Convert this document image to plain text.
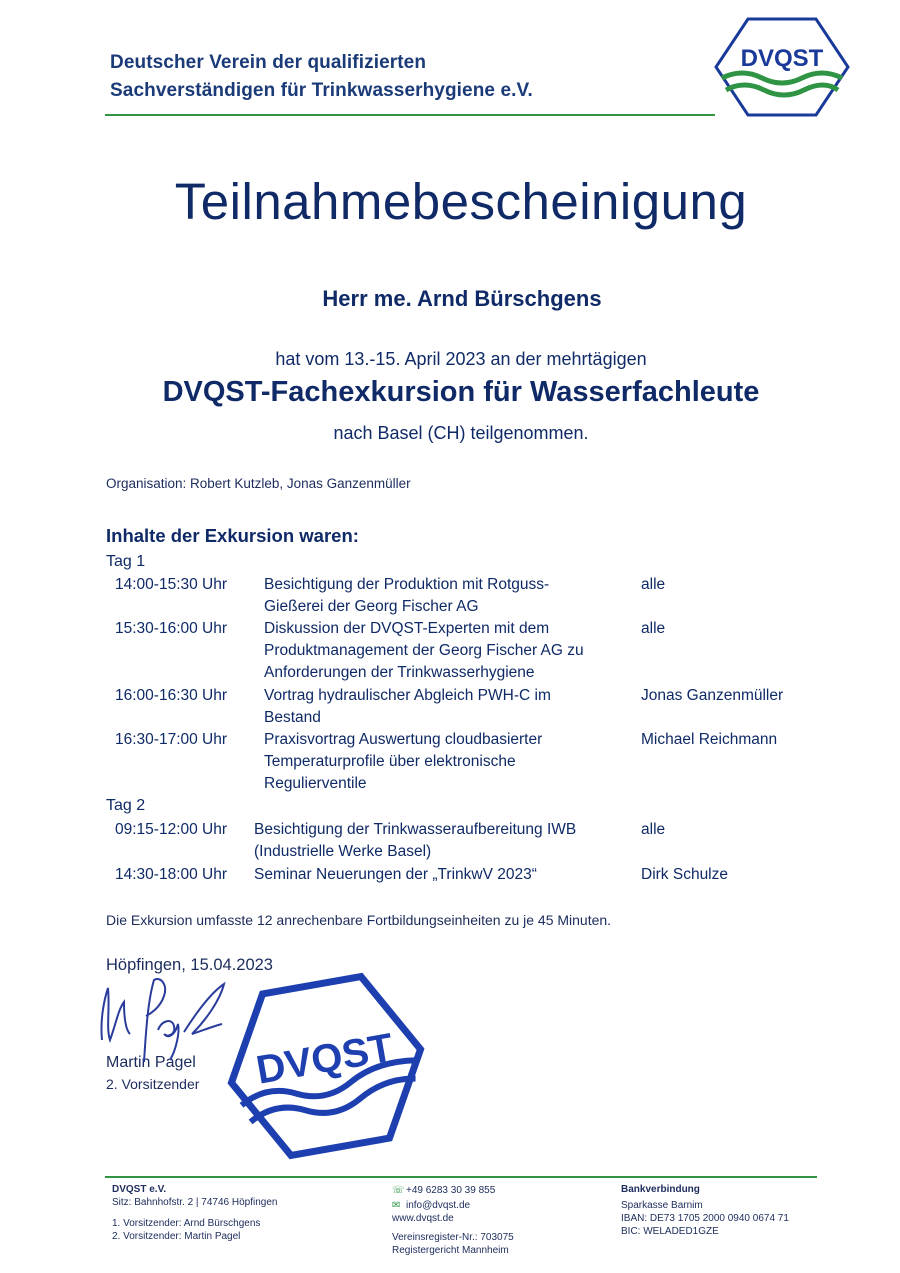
Deutscher Verein der qualifizierten
Sachverständigen für Trinkwasserhygiene e.V.
DVQST
Teilnahmebescheinigung
Herr me. Arnd Bürschgens
hat vom 13.-15. April 2023 an der mehrtägigen
DVQST-Fachexkursion für Wasserfachleute
nach Basel (CH) teilgenommen.
Organisation: Robert Kutzleb, Jonas Ganzenmüller
Inhalte der Exkursion waren:
Tag 1
14:00-15:30 Uhr	Besichtigung der Produktion mit Rotguss-
Gießerei der Georg Fischer AG
alle
15:30-16:00 Uhr	Diskussion der DVQST-Experten mit dem
Produktmanagement der Georg Fischer AG zu
Anforderungen der Trinkwasserhygiene
alle
16:00-16:30 Uhr	Vortrag hydraulischer Abgleich PWH-C im
Bestand
Jonas Ganzenmüller
16:30-17:00 Uhr	Praxisvortrag Auswertung cloudbasierter
Temperaturprofile über elektronische
Regulierventile
Michael Reichmann
Tag 2
09:15-12:00 Uhr	Besichtigung der Trinkwasseraufbereitung IWB
(Industrielle Werke Basel)
alle
14:30-18:00 Uhr	Seminar Neuerungen der „TrinkwV 2023“	Dirk Schulze
Die Exkursion umfasste 12 anrechenbare Fortbildungseinheiten zu je 45 Minuten.
Höpfingen, 15.04.2023
Martin Pagel
2. Vorsitzender DVQST
DVQST e.V.
Sitz: Bahnhofstr. 2 | 74746 Höpfingen
1. Vorsitzender: Arnd Bürschgens
2. Vorsitzender: Martin Pagel
☏+49 6283 30 39 855
✉ info@dvqst.de
www.dvqst.de
Vereinsregister-Nr.: 703075
Registergericht Mannheim
Bankverbindung
Sparkasse Barnim
IBAN: DE73 1705 2000 0940 0674 71
BIC: WELADED1GZE
